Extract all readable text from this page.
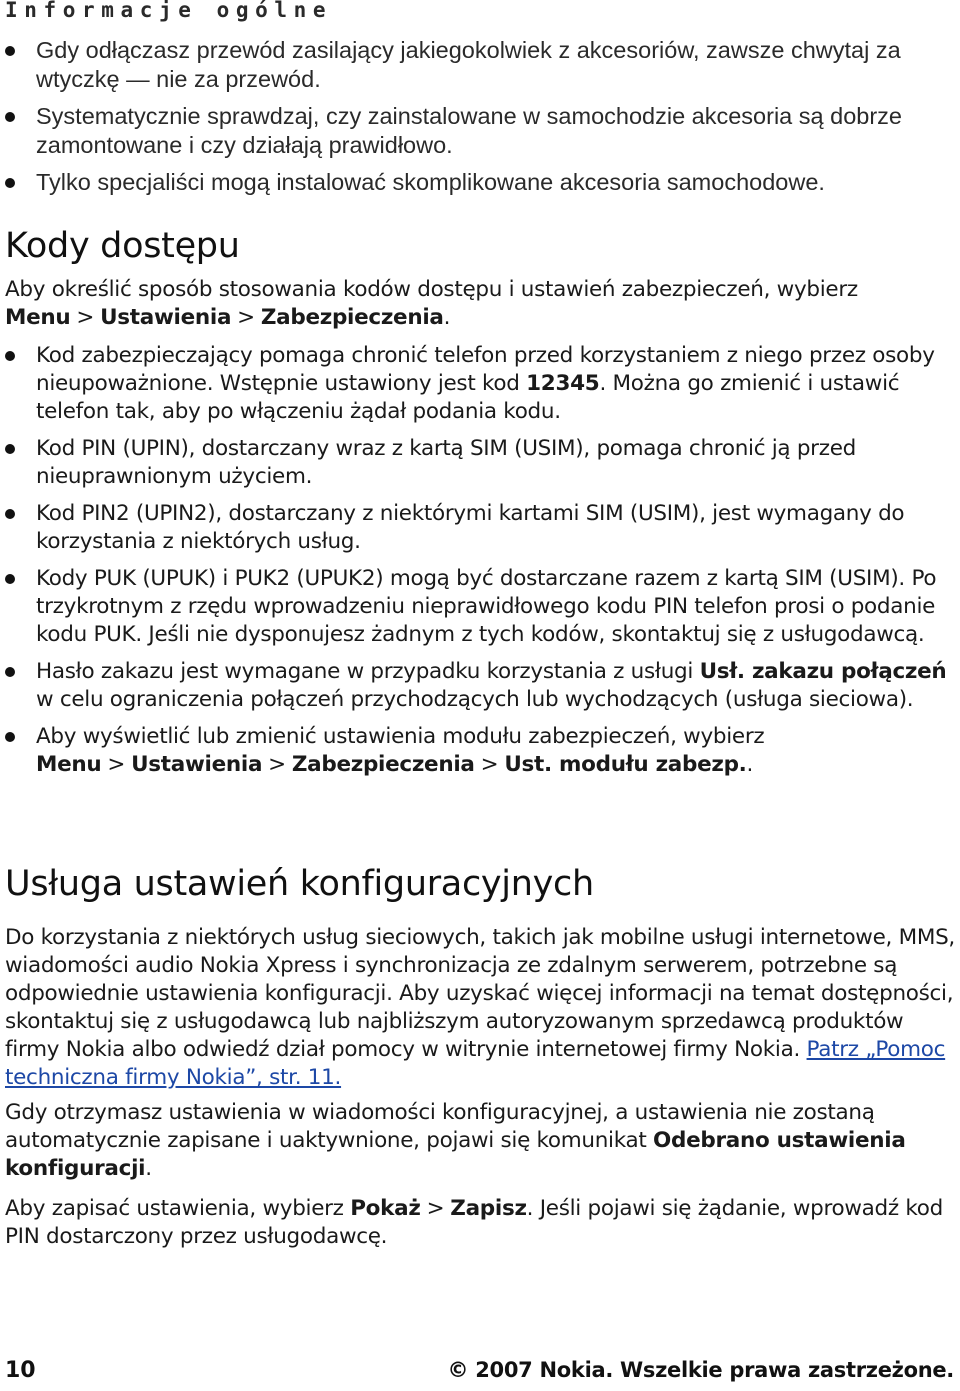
Informacje ogólne

Gdy odłączasz przewód zasilający jakiegokolwiek z akcesoriów, zawsze chwytaj za wtyczkę — nie za przewód.
Systematycznie sprawdzaj, czy zainstalowane w samochodzie akcesoria są dobrze zamontowane i czy działają prawidłowo.
Tylko specjaliści mogą instalować skomplikowane akcesoria samochodowe.
Kody dostępu

Aby określić sposób stosowania kodów dostępu i ustawień zabezpieczeń, wybierz Menu > Ustawienia > Zabezpieczenia.

Kod zabezpieczający pomaga chronić telefon przed korzystaniem z niego przez osoby nieupoważnione. Wstępnie ustawiony jest kod 12345. Można go zmienić i ustawić telefon tak, aby po włączeniu żądał podania kodu.
Kod PIN (UPIN), dostarczany wraz z kartą SIM (USIM), pomaga chronić ją przed nieuprawnionym użyciem.
Kod PIN2 (UPIN2), dostarczany z niektórymi kartami SIM (USIM), jest wymagany do korzystania z niektórych usług.
Kody PUK (UPUK) i PUK2 (UPUK2) mogą być dostarczane razem z kartą SIM (USIM). Po trzykrotnym z rzędu wprowadzeniu nieprawidłowego kodu PIN telefon prosi o podanie kodu PUK. Jeśli nie dysponujesz żadnym z tych kodów, skontaktuj się z usługodawcą.
Hasło zakazu jest wymagane w przypadku korzystania z usługi Usł. zakazu połączeń w celu ograniczenia połączeń przychodzących lub wychodzących (usługa sieciowa).
Aby wyświetlić lub zmienić ustawienia modułu zabezpieczeń, wybierz Menu > Ustawienia > Zabezpieczenia > Ust. modułu zabezp..
Usługa ustawień konfiguracyjnych

Do korzystania z niektórych usług sieciowych, takich jak mobilne usługi internetowe, MMS, wiadomości audio Nokia Xpress i synchronizacja ze zdalnym serwerem, potrzebne są odpowiednie ustawienia konfiguracji. Aby uzyskać więcej informacji na temat dostępności, skontaktuj się z usługodawcą lub najbliższym autoryzowanym sprzedawcą produktów firmy Nokia albo odwiedź dział pomocy w witrynie internetowej firmy Nokia. Patrz „Pomoc techniczna firmy Nokia”, str. 11.

Gdy otrzymasz ustawienia w wiadomości konfiguracyjnej, a ustawienia nie zostaną automatycznie zapisane i uaktywnione, pojawi się komunikat Odebrano ustawienia konfiguracji.

Aby zapisać ustawienia, wybierz Pokaż > Zapisz. Jeśli pojawi się żądanie, wprowadź kod PIN dostarczony przez usługodawcę.

10	© 2007 Nokia. Wszelkie prawa zastrzeżone.
